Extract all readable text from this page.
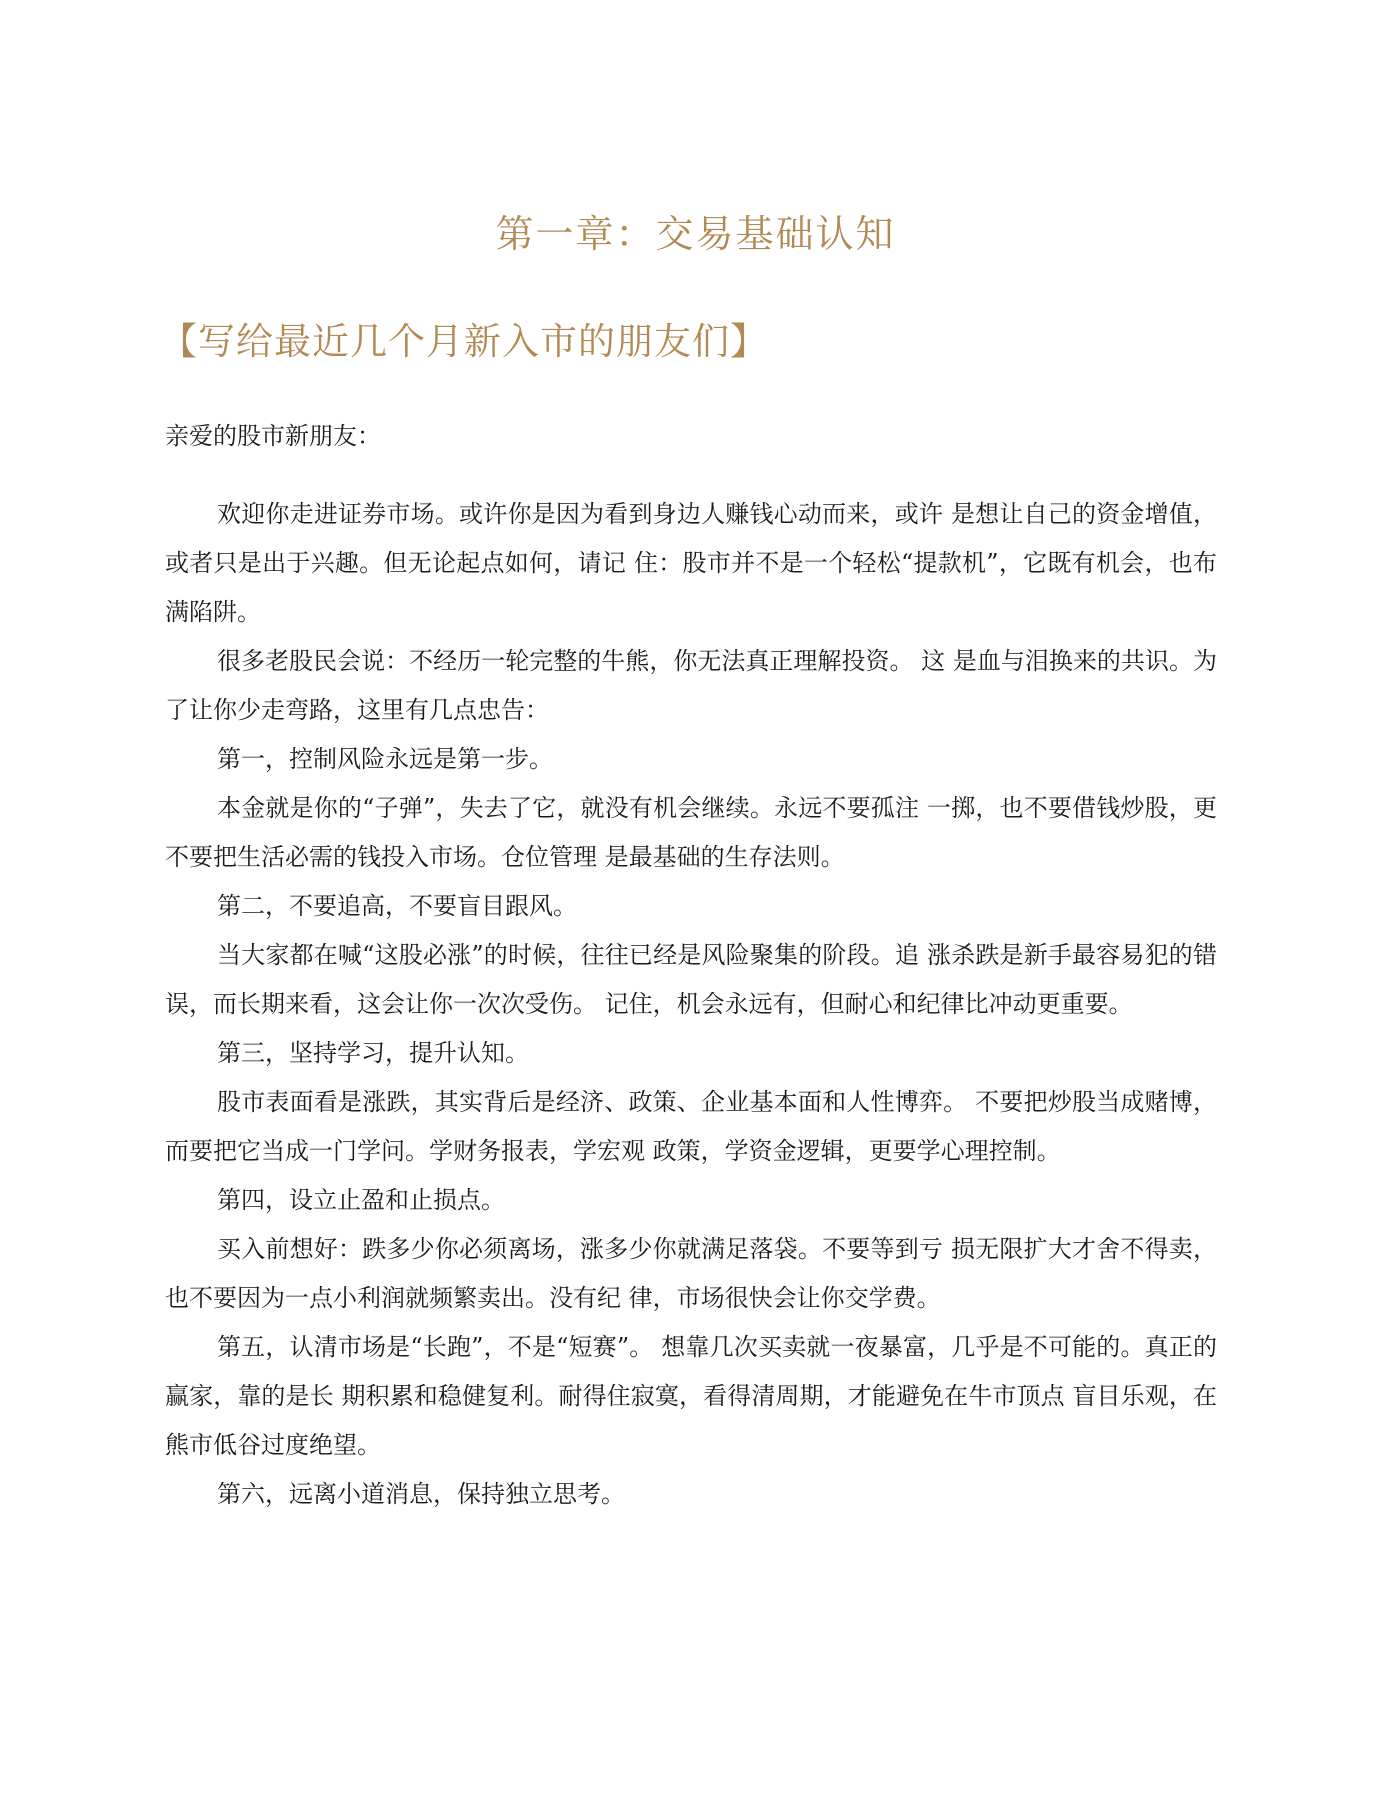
第一章：交易基础认知
【写给最近几个月新入市的朋友们】

亲爱的股市新朋友：

欢迎你走进证券市场。或许你是因为看到身边人赚钱心动而来，或许 是想让自己的资金增值，或者只是出于兴趣。但无论起点如何，请记 住：股市并不是一个轻松“提款机”，它既有机会，也布满陷阱。

很多老股民会说：不经历一轮完整的牛熊，你无法真正理解投资。 这 是血与泪换来的共识。为了让你少走弯路，这里有几点忠告：

第一，控制风险永远是第一步。

本金就是你的“子弹”，失去了它，就没有机会继续。永远不要孤注 一掷，也不要借钱炒股，更不要把生活必需的钱投入市场。仓位管理 是最基础的生存法则。

第二，不要追高，不要盲目跟风。

当大家都在喊“这股必涨”的时候，往往已经是风险聚集的阶段。追 涨杀跌是新手最容易犯的错误，而长期来看，这会让你一次次受伤。 记住，机会永远有，但耐心和纪律比冲动更重要。

第三，坚持学习，提升认知。

股市表面看是涨跌，其实背后是经济、政策、企业基本面和人性博弈。 不要把炒股当成赌博，而要把它当成一门学问。学财务报表，学宏观 政策，学资金逻辑，更要学心理控制。

第四，设立止盈和止损点。

买入前想好：跌多少你必须离场，涨多少你就满足落袋。不要等到亏 损无限扩大才舍不得卖，也不要因为一点小利润就频繁卖出。没有纪 律，市场很快会让你交学费。

第五，认清市场是“长跑”，不是“短赛”。 想靠几次买卖就一夜暴富，几乎是不可能的。真正的赢家，靠的是长 期积累和稳健复利。耐得住寂寞，看得清周期，才能避免在牛市顶点 盲目乐观，在熊市低谷过度绝望。

第六，远离小道消息，保持独立思考。
